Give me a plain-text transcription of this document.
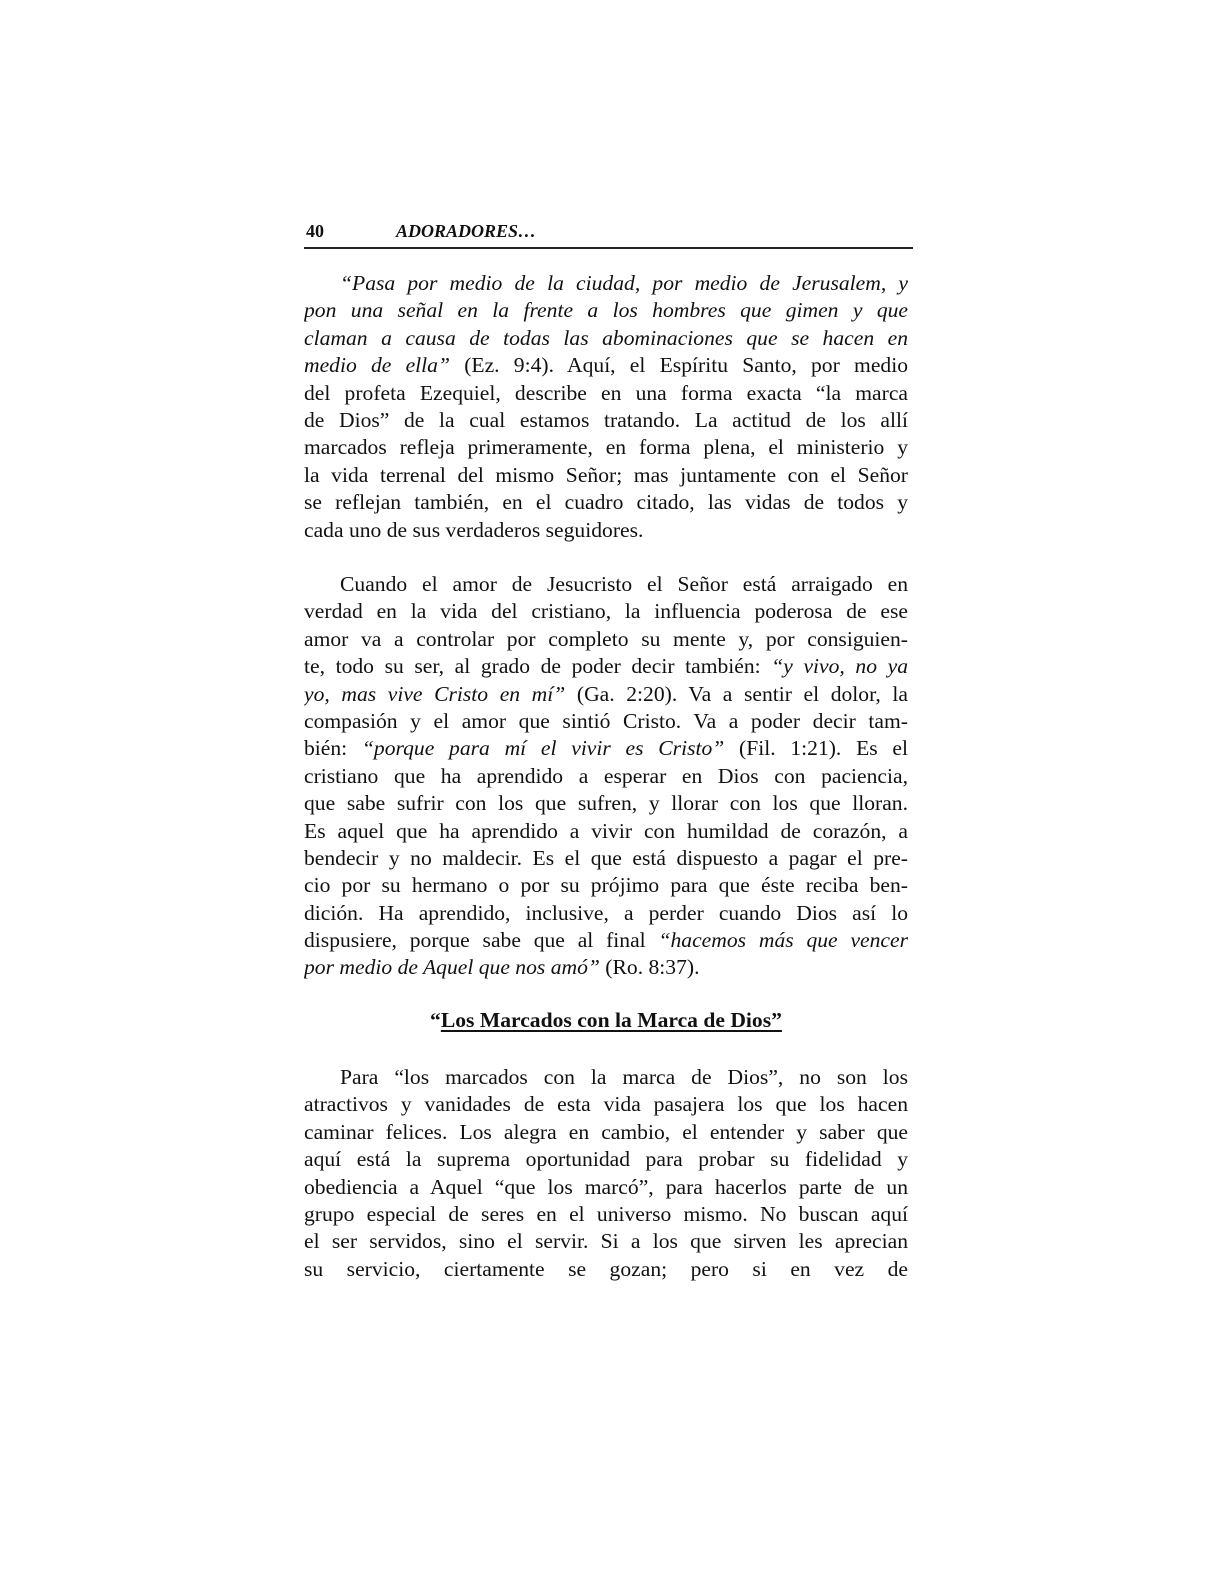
40	ADORADORES…
“Pasa por medio de la ciudad, por medio de Jerusalem, y
pon una señal en la frente a los hombres que gimen y que
claman a causa de todas las abominaciones que se hacen en
medio de ella” (Ez. 9:4). Aquí, el Espíritu Santo, por medio
del profeta Ezequiel, describe en una forma exacta “la marca
de Dios” de la cual estamos tratando. La actitud de los allí
marcados refleja primeramente, en forma plena, el ministerio y
la vida terrenal del mismo Señor; mas juntamente con el Señor
se reflejan también, en el cuadro citado, las vidas de todos y
cada uno de sus verdaderos seguidores.
Cuando el amor de Jesucristo el Señor está arraigado en
verdad en la vida del cristiano, la influencia poderosa de ese
amor va a controlar por completo su mente y, por consiguien-
te, todo su ser, al grado de poder decir también: “y vivo, no ya
yo, mas vive Cristo en mí” (Ga. 2:20). Va a sentir el dolor, la
compasión y el amor que sintió Cristo. Va a poder decir tam-
bién: “porque para mí el vivir es Cristo” (Fil. 1:21). Es el
cristiano que ha aprendido a esperar en Dios con paciencia,
que sabe sufrir con los que sufren, y llorar con los que lloran.
Es aquel que ha aprendido a vivir con humildad de corazón, a
bendecir y no maldecir. Es el que está dispuesto a pagar el pre-
cio por su hermano o por su prójimo para que éste reciba ben-
dición. Ha aprendido, inclusive, a perder cuando Dios así lo
dispusiere, porque sabe que al final “hacemos más que vencer
por medio de Aquel que nos amó” (Ro. 8:37).
“Los Marcados con la Marca de Dios”
Para “los marcados con la marca de Dios”, no son los
atractivos y vanidades de esta vida pasajera los que los hacen
caminar felices. Los alegra en cambio, el entender y saber que
aquí está la suprema oportunidad para probar su fidelidad y
obediencia a Aquel “que los marcó”, para hacerlos parte de un
grupo especial de seres en el universo mismo. No buscan aquí
el ser servidos, sino el servir. Si a los que sirven les aprecian
su servicio, ciertamente se gozan; pero si en vez de
